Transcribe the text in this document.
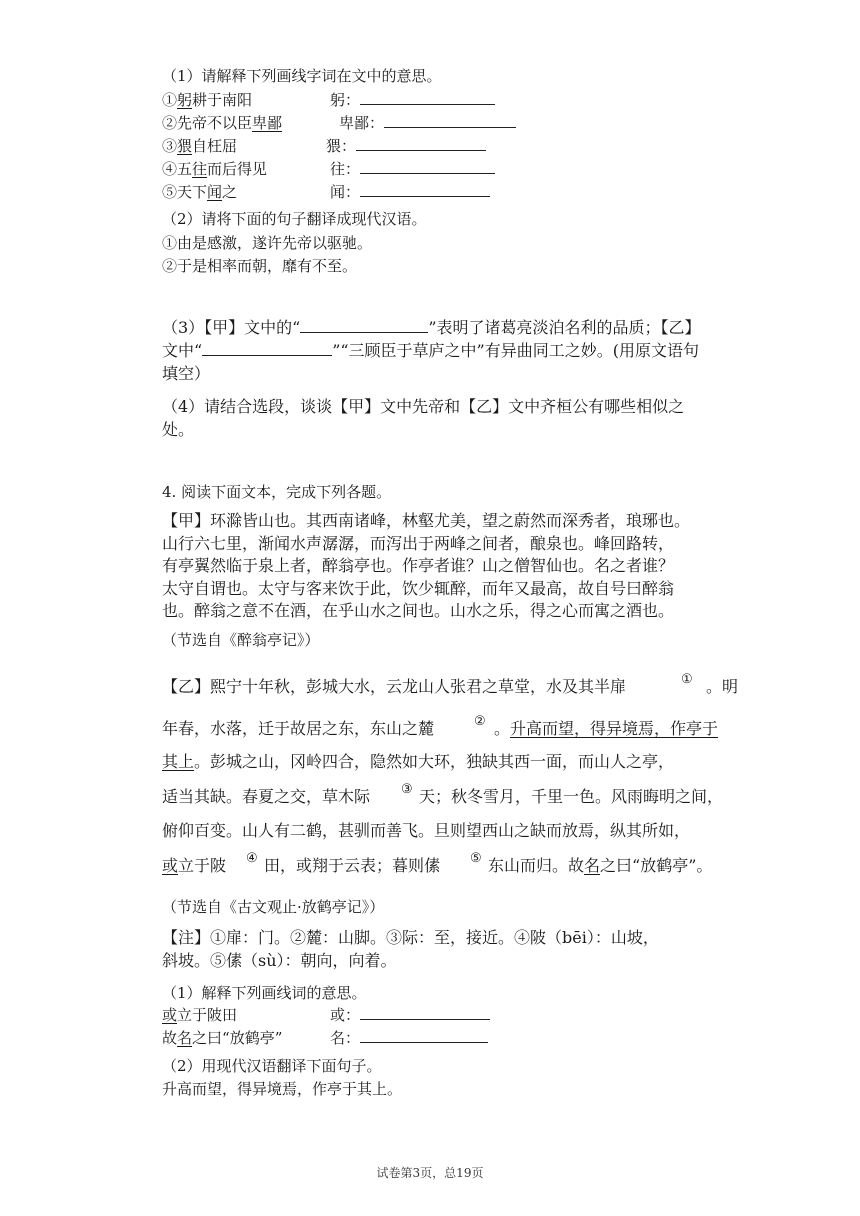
（1）请解释下列画线字词在文中的意思。
①躬耕于南阳	躬：
②先帝不以臣卑鄙	卑鄙：
③猥自枉屈	猥：
④五往而后得见	往：
⑤天下闻之	闻：
（2）请将下面的句子翻译成现代汉语。
①由是感激，遂许先帝以驱驰。
②于是相率而朝，靡有不至。
（3）【甲】文中的“	”表明了诸葛亮淡泊名利的品质；【乙】
文中“	”“三顾臣于草庐之中”有异曲同工之妙。(用原文语句
填空）
（4）请结合选段，谈谈【甲】文中先帝和【乙】文中齐桓公有哪些相似之
处。
4. 阅读下面文本，完成下列各题。
【甲】环滁皆山也。其西南诸峰，林壑尤美，望之蔚然而深秀者，琅琊也。
山行六七里，渐闻水声潺潺，而泻出于两峰之间者，酿泉也。峰回路转，
有亭翼然临于泉上者，醉翁亭也。作亭者谁？山之僧智仙也。名之者谁？
太守自谓也。太守与客来饮于此，饮少辄醉，而年又最高，故自号曰醉翁
也。醉翁之意不在酒，在乎山水之间也。山水之乐，得之心而寓之酒也。
（节选自《醉翁亭记》）
【乙】熙宁十年秋，彭城大水，云龙山人张君之草堂，水及其半扉	① 。明
年春，水落，迁于故居之东，东山之麓	② 。升高而望，得异境焉，作亭于
其上。彭城之山，冈岭四合，隐然如大环，独缺其西一面，而山人之亭，
适当其缺。春夏之交，草木际 ③ 天；秋冬雪月，千里一色。风雨晦明之间，
俯仰百变。山人有二鹤，甚驯而善飞。旦则望西山之缺而放焉，纵其所如，
或立于陂 ④ 田，或翔于云表；暮则傃 ⑤ 东山而归。故名之曰“放鹤亭”。
（节选自《古文观止·放鹤亭记》）
【注】①扉：门。②麓：山脚。③际：至，接近。④陂（bēi）：山坡，
斜坡。⑤傃（sù）：朝向，向着。
（1）解释下列画线词的意思。
或立于陂田	或：
故名之曰“放鹤亭”	名：
（2）用现代汉语翻译下面句子。
升高而望，得异境焉，作亭于其上。
试卷第3页，总19页
